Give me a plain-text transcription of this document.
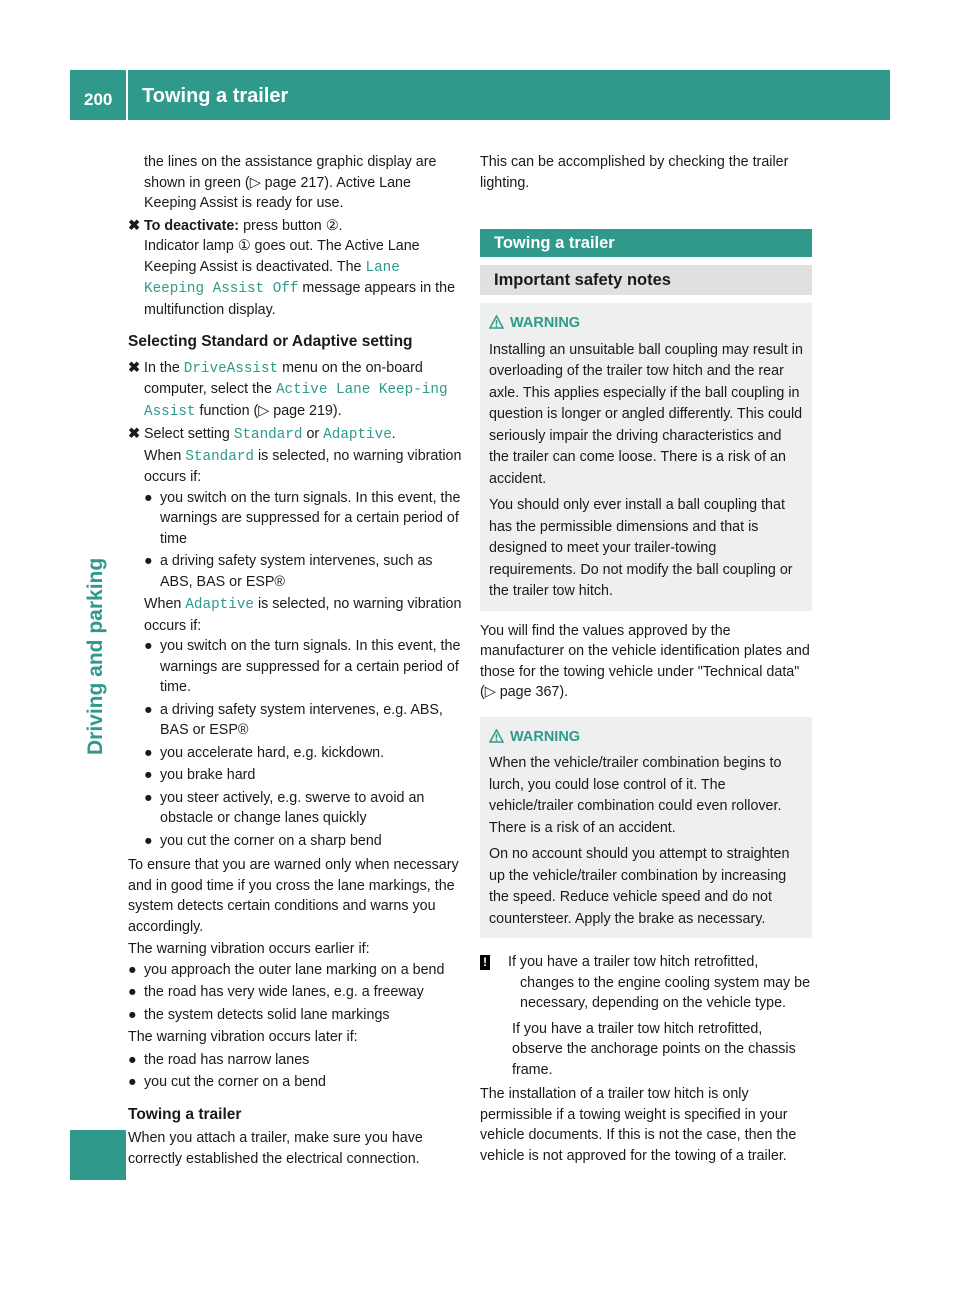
200 Towing a trailer
Driving and parking

the lines on the assistance graphic display are shown in green (▷ page 217). Active Lane Keeping Assist is ready for use.

✖ To deactivate: press button ②.

Indicator lamp ① goes out. The Active Lane Keeping Assist is deactivated. The Lane Keeping Assist Off message appears in the multifunction display.

Selecting Standard or Adaptive setting
✖ In the DriveAssist menu on the on-board computer, select the Active Lane Keep‐ing Assist function (▷ page 219).

✖ Select setting Standard or Adaptive.

When Standard is selected, no warning vibration occurs if:

● you switch on the turn signals. In this event, the warnings are suppressed for a certain period of time
● a driving safety system intervenes, such as ABS, BAS or ESP®

When Adaptive is selected, no warning vibration occurs if:

● you switch on the turn signals. In this event, the warnings are suppressed for a certain period of time.
● a driving safety system intervenes, e.g. ABS, BAS or ESP®
● you accelerate hard, e.g. kickdown.
● you brake hard
● you steer actively, e.g. swerve to avoid an obstacle or change lanes quickly
● you cut the corner on a sharp bend

To ensure that you are warned only when necessary and in good time if you cross the lane markings, the system detects certain conditions and warns you accordingly.

The warning vibration occurs earlier if:

● you approach the outer lane marking on a bend
● the road has very wide lanes, e.g. a freeway
● the system detects solid lane markings

The warning vibration occurs later if:

● the road has narrow lanes
● you cut the corner on a bend
Towing a trailer

When you attach a trailer, make sure you have correctly established the electrical connection.

This can be accomplished by checking the trailer lighting.

Towing a trailer
Important safety notes
WARNING

Installing an unsuitable ball coupling may result in overloading of the trailer tow hitch and the rear axle. This applies especially if the ball coupling in question is longer or angled differently. This could seriously impair the driving characteristics and the trailer can come loose. There is a risk of an accident.

You should only ever install a ball coupling that has the permissible dimensions and that is designed to meet your trailer-towing requirements. Do not modify the ball coupling or the trailer tow hitch.

You will find the values approved by the manufacturer on the vehicle identification plates and those for the towing vehicle under "Technical data" (▷ page 367).

WARNING

When the vehicle/trailer combination begins to lurch, you could lose control of it. The vehicle/trailer combination could even rollover. There is a risk of an accident.

On no account should you attempt to straighten up the vehicle/trailer combination by increasing the speed. Reduce vehicle speed and do not countersteer. Apply the brake as necessary.

! If you have a trailer tow hitch retrofitted, changes to the engine cooling system may be necessary, depending on the vehicle type.

If you have a trailer tow hitch retrofitted, observe the anchorage points on the chassis frame.

The installation of a trailer tow hitch is only permissible if a towing weight is specified in your vehicle documents. If this is not the case, then the vehicle is not approved for the towing of a trailer.
